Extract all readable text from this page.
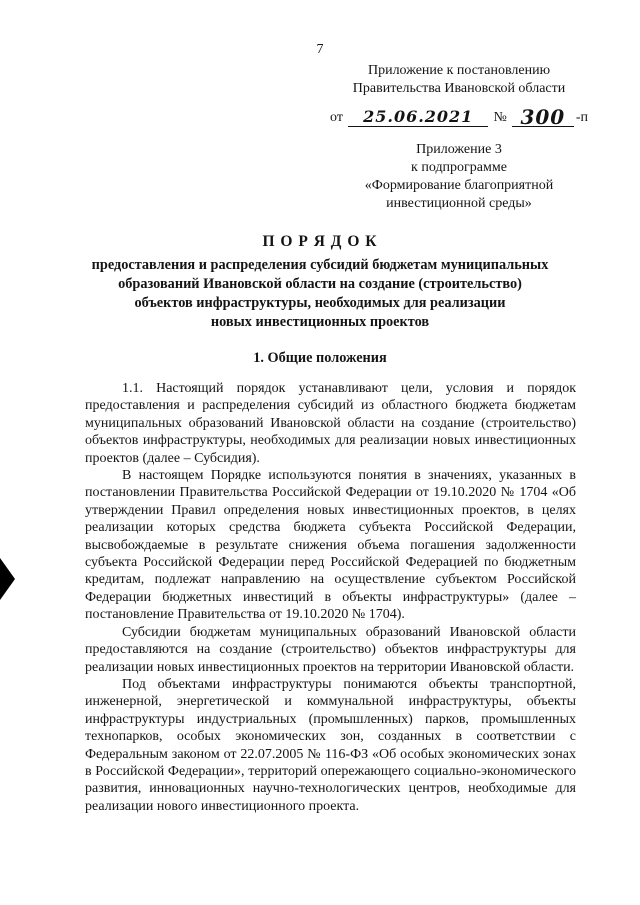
7
Приложение к постановлению
Правительства Ивановской области
от	25.06.2021	№ 300 -п
Приложение 3
к подпрограмме
«Формирование благоприятной
инвестиционной среды»
П О Р Я Д О К
предоставления и распределения субсидий бюджетам муниципальных
образований Ивановской области на создание (строительство)
объектов инфраструктуры, необходимых для реализации
новых инвестиционных проектов
1. Общие положения

1.1. Настоящий порядок устанавливают цели, условия и порядок предоставления и распределения субсидий из областного бюджета бюджетам муниципальных образований Ивановской области на создание (строительство) объектов инфраструктуры, необходимых для реализации новых инвестиционных проектов (далее – Субсидия).

В настоящем Порядке используются понятия в значениях, указанных в постановлении Правительства Российской Федерации от 19.10.2020 № 1704 «Об утверждении Правил определения новых инвестиционных проектов, в целях реализации которых средства бюджета субъекта Российской Федерации, высвобождаемые в результате снижения объема погашения задолженности субъекта Российской Федерации перед Российской Федерацией по бюджетным кредитам, подлежат направлению на осуществление субъектом Российской Федерации бюджетных инвестиций в объекты инфраструктуры» (далее – постановление Правительства от 19.10.2020 № 1704).

Субсидии бюджетам муниципальных образований Ивановской области предоставляются на создание (строительство) объектов инфраструктуры для реализации новых инвестиционных проектов на территории Ивановской области.

Под объектами инфраструктуры понимаются объекты транспортной, инженерной, энергетической и коммунальной инфраструктуры, объекты инфраструктуры индустриальных (промышленных) парков, промышленных технопарков, особых экономических зон, созданных в соответствии с Федеральным законом от 22.07.2005 № 116-ФЗ «Об особых экономических зонах в Российской Федерации», территорий опережающего социально-экономического развития, инновационных научно-технологических центров, необходимые для реализации нового инвестиционного проекта.
